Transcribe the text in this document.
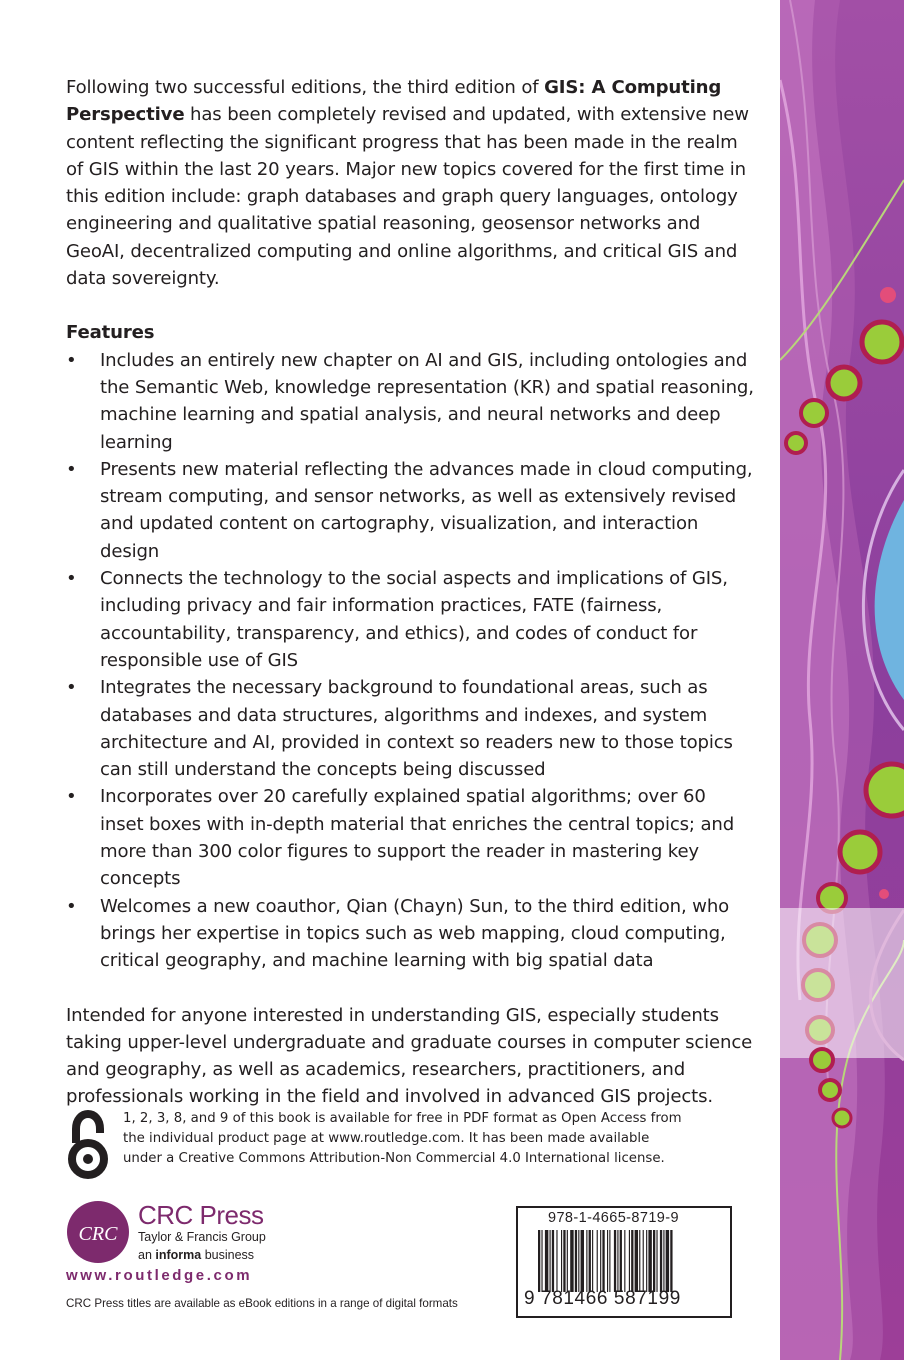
Following two successful editions, the third edition of GIS: A Computing Perspective has been completely revised and updated, with extensive new content reflecting the significant progress that has been made in the realm of GIS within the last 20 years. Major new topics covered for the first time in this edition include: graph databases and graph query languages, ontology engineering and qualitative spatial reasoning, geosensor networks and GeoAI, decentralized computing and online algorithms, and critical GIS and data sovereignty.

Features

• Includes an entirely new chapter on AI and GIS, including ontologies and the Semantic Web, knowledge representation (KR) and spatial reasoning, machine learning and spatial analysis, and neural networks and deep learning
• Presents new material reflecting the advances made in cloud computing, stream computing, and sensor networks, as well as extensively revised and updated content on cartography, visualization, and interaction design
• Connects the technology to the social aspects and implications of GIS, including privacy and fair information practices, FATE (fairness, accountability, transparency, and ethics), and codes of conduct for responsible use of GIS
• Integrates the necessary background to foundational areas, such as databases and data structures, algorithms and indexes, and system architecture and AI, provided in context so readers new to those topics can still understand the concepts being discussed
• Incorporates over 20 carefully explained spatial algorithms; over 60 inset boxes with in-depth material that enriches the central topics; and more than 300 color figures to support the reader in mastering key concepts
• Welcomes a new coauthor, Qian (Chayn) Sun, to the third edition, who brings her expertise in topics such as web mapping, cloud computing, critical geography, and machine learning with big spatial data

Intended for anyone interested in understanding GIS, especially students taking upper-level undergraduate and graduate courses in computer science and geography, as well as academics, researchers, practitioners, and professionals working in the field and involved in advanced GIS projects.

1, 2, 3, 8, and 9 of this book is available for free in PDF format as Open Access from
the individual product page at www.routledge.com. It has been made available
under a Creative Commons Attribution-Non Commercial 4.0 International license.
CRC
CRC Press
Taylor & Francis Group
an informa business
www.routledge.com
CRC Press titles are available as eBook editions in a range of digital formats
978-1-4665-8719-9
9 781466 587199
